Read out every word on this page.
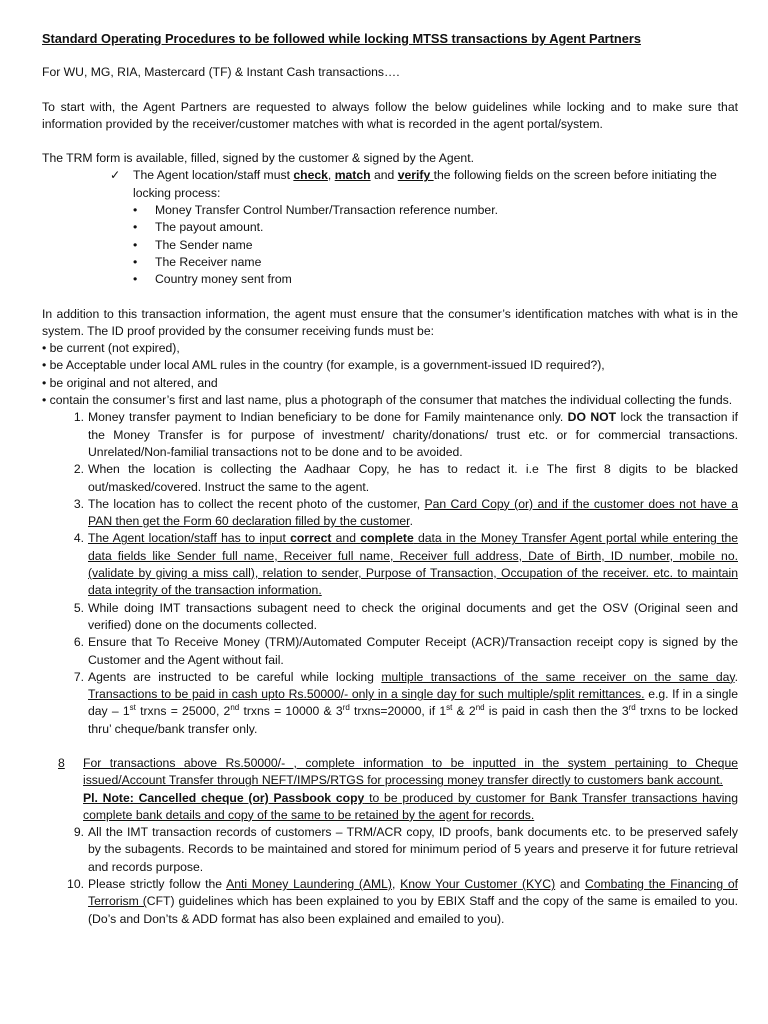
Standard Operating Procedures to be followed while locking MTSS transactions by Agent Partners

For WU, MG, RIA, Mastercard (TF) & Instant Cash transactions….

To start with, the Agent Partners are requested to always follow the below guidelines while locking and to make sure that information provided by the receiver/customer matches with what is recorded in the agent portal/system.

The TRM form is available, filled, signed by the customer & signed by the Agent.

✓ The Agent location/staff must check, match and verify the following fields on the screen before initiating the locking process:
• Money Transfer Control Number/Transaction reference number.
• The payout amount.
• The Sender name
• The Receiver name
• Country money sent from

In addition to this transaction information, the agent must ensure that the consumer’s identification matches with what is in the system. The ID proof provided by the consumer receiving funds must be:

• be current (not expired),

• be Acceptable under local AML rules in the country (for example, is a government-issued ID required?),

• be original and not altered, and

• contain the consumer’s first and last name, plus a photograph of the consumer that matches the individual collecting the funds.

1. Money transfer payment to Indian beneficiary to be done for Family maintenance only. DO NOT lock the transaction if the Money Transfer is for purpose of investment/ charity/donations/ trust etc. or for commercial transactions. Unrelated/Non-familial transactions not to be done and to be avoided.
2. When the location is collecting the Aadhaar Copy, he has to redact it. i.e The first 8 digits to be blacked out/masked/covered. Instruct the same to the agent.
3. The location has to collect the recent photo of the customer, Pan Card Copy (or) and if the customer does not have a PAN then get the Form 60 declaration filled by the customer.
4. The Agent location/staff has to input correct and complete data in the Money Transfer Agent portal while entering the data fields like Sender full name, Receiver full name, Receiver full address, Date of Birth, ID number, mobile no. (validate by giving a miss call), relation to sender, Purpose of Transaction, Occupation of the receiver. etc. to maintain data integrity of the transaction information.
5. While doing IMT transactions subagent need to check the original documents and get the OSV (Original seen and verified) done on the documents collected.
6. Ensure that To Receive Money (TRM)/Automated Computer Receipt (ACR)/Transaction receipt copy is signed by the Customer and the Agent without fail.
7. Agents are instructed to be careful while locking multiple transactions of the same receiver on the same day. Transactions to be paid in cash upto Rs.50000/- only in a single day for such multiple/split remittances. e.g. If in a single day – 1st trxns = 25000, 2nd trxns = 10000 & 3rd trxns=20000, if 1st & 2nd is paid in cash then the 3rd trxns to be locked thru’ cheque/bank transfer only.
8 For transactions above Rs.50000/- , complete information to be inputted in the system pertaining to Cheque issued/Account Transfer through NEFT/IMPS/RTGS for processing money transfer directly to customers bank account.
Pl. Note: Cancelled cheque (or) Passbook copy to be produced by customer for Bank Transfer transactions having complete bank details and copy of the same to be retained by the agent for records.
9. All the IMT transaction records of customers – TRM/ACR copy, ID proofs, bank documents etc. to be preserved safely by the subagents. Records to be maintained and stored for minimum period of 5 years and preserve it for future retrieval and records purpose.
10. Please strictly follow the Anti Money Laundering (AML), Know Your Customer (KYC) and Combating the Financing of Terrorism (CFT) guidelines which has been explained to you by EBIX Staff and the copy of the same is emailed to you. (Do’s and Don’ts & ADD format has also been explained and emailed to you).
